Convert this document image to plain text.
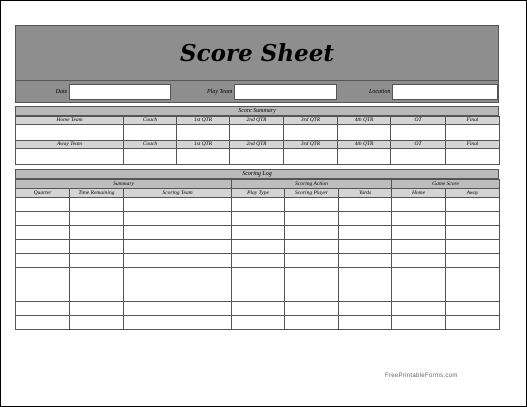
Score Sheet
Date	Play Team	Location
Score Summary
Home Team	Coach	1st QTR	2nd QTR	3rd QTR	4th QTR	OT	Final

Away Team	Coach	1st QTR	2nd QTR	3rd QTR	4th QTR	OT	Final

Scoring Log
Summary			Scoring Action			Game Score	
Quarter	Time Remaining	Scoring Team	Play Type	Scoring Player	Yards	Home	Away

FreePrintableForms.com
